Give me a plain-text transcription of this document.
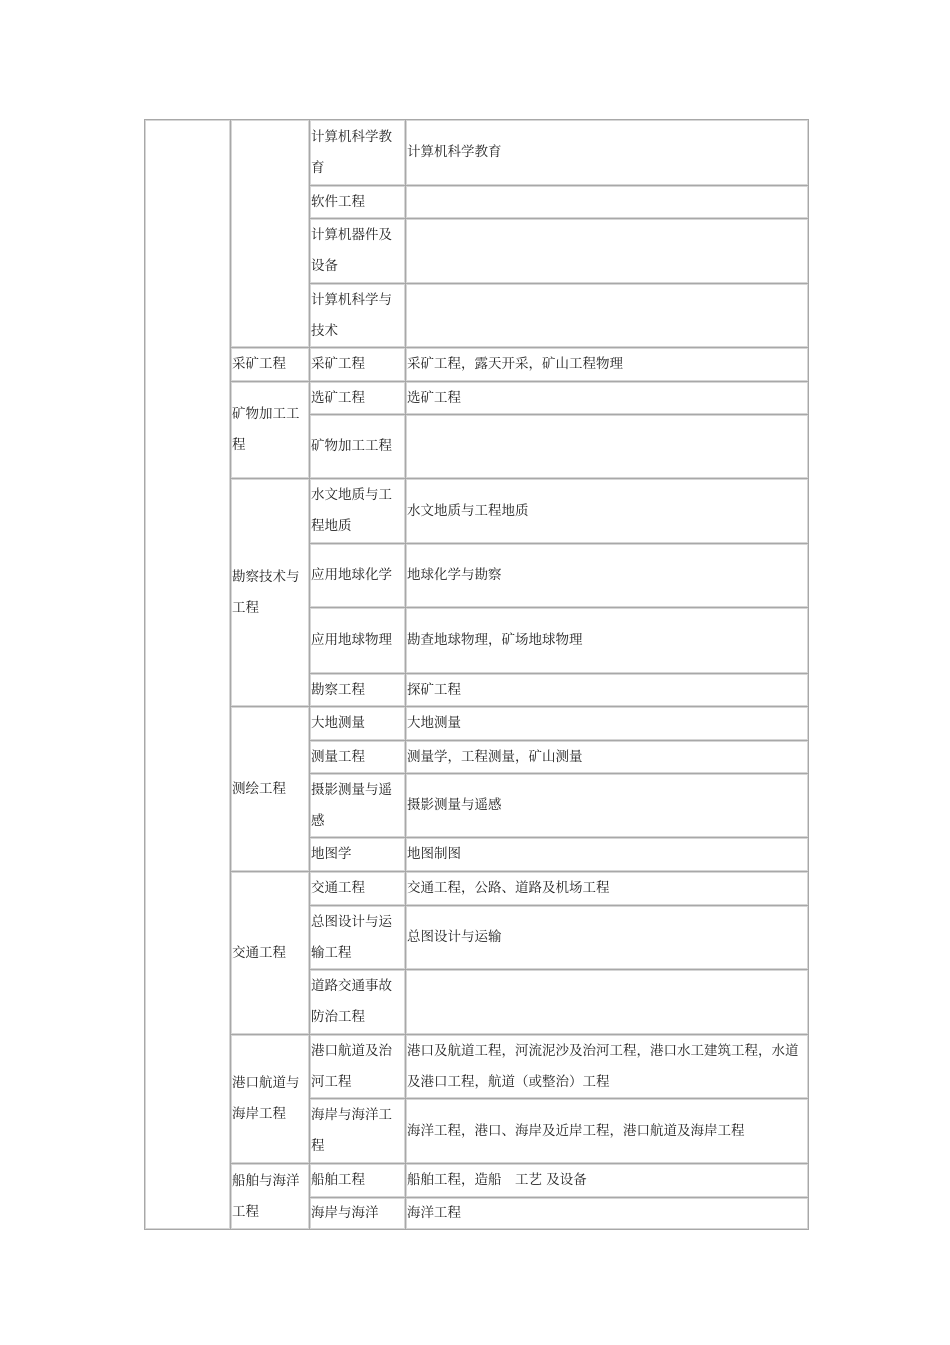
		计算机科学教育	计算机科学教育
		软件工程	
		计算机器件及设备	
		计算机科学与技术	
	采矿工程	采矿工程	采矿工程，露天开采，矿山工程物理
	矿物加工工程	选矿工程	选矿工程
		矿物加工工程	
	勘察技术与工程	水文地质与工程地质	水文地质与工程地质
		应用地球化学	地球化学与勘察
		应用地球物理	勘查地球物理，矿场地球物理
		勘察工程	探矿工程
	测绘工程	大地测量	大地测量
		测量工程	测量学，工程测量，矿山测量
		摄影测量与遥感	摄影测量与遥感
		地图学	地图制图
	交通工程	交通工程	交通工程，公路、道路及机场工程
		总图设计与运输工程	总图设计与运输
		道路交通事故防治工程	
	港口航道与海岸工程	港口航道及治河工程	港口及航道工程，河流泥沙及治河工程，港口水工建筑工程，水道及港口工程，航道（或整治）工程
		海岸与海洋工程	海洋工程，港口、海岸及近岸工程，港口航道及海岸工程
	船舶与海洋工程	船舶工程	船舶工程，造船　工艺 及设备
		海岸与海洋	海洋工程
